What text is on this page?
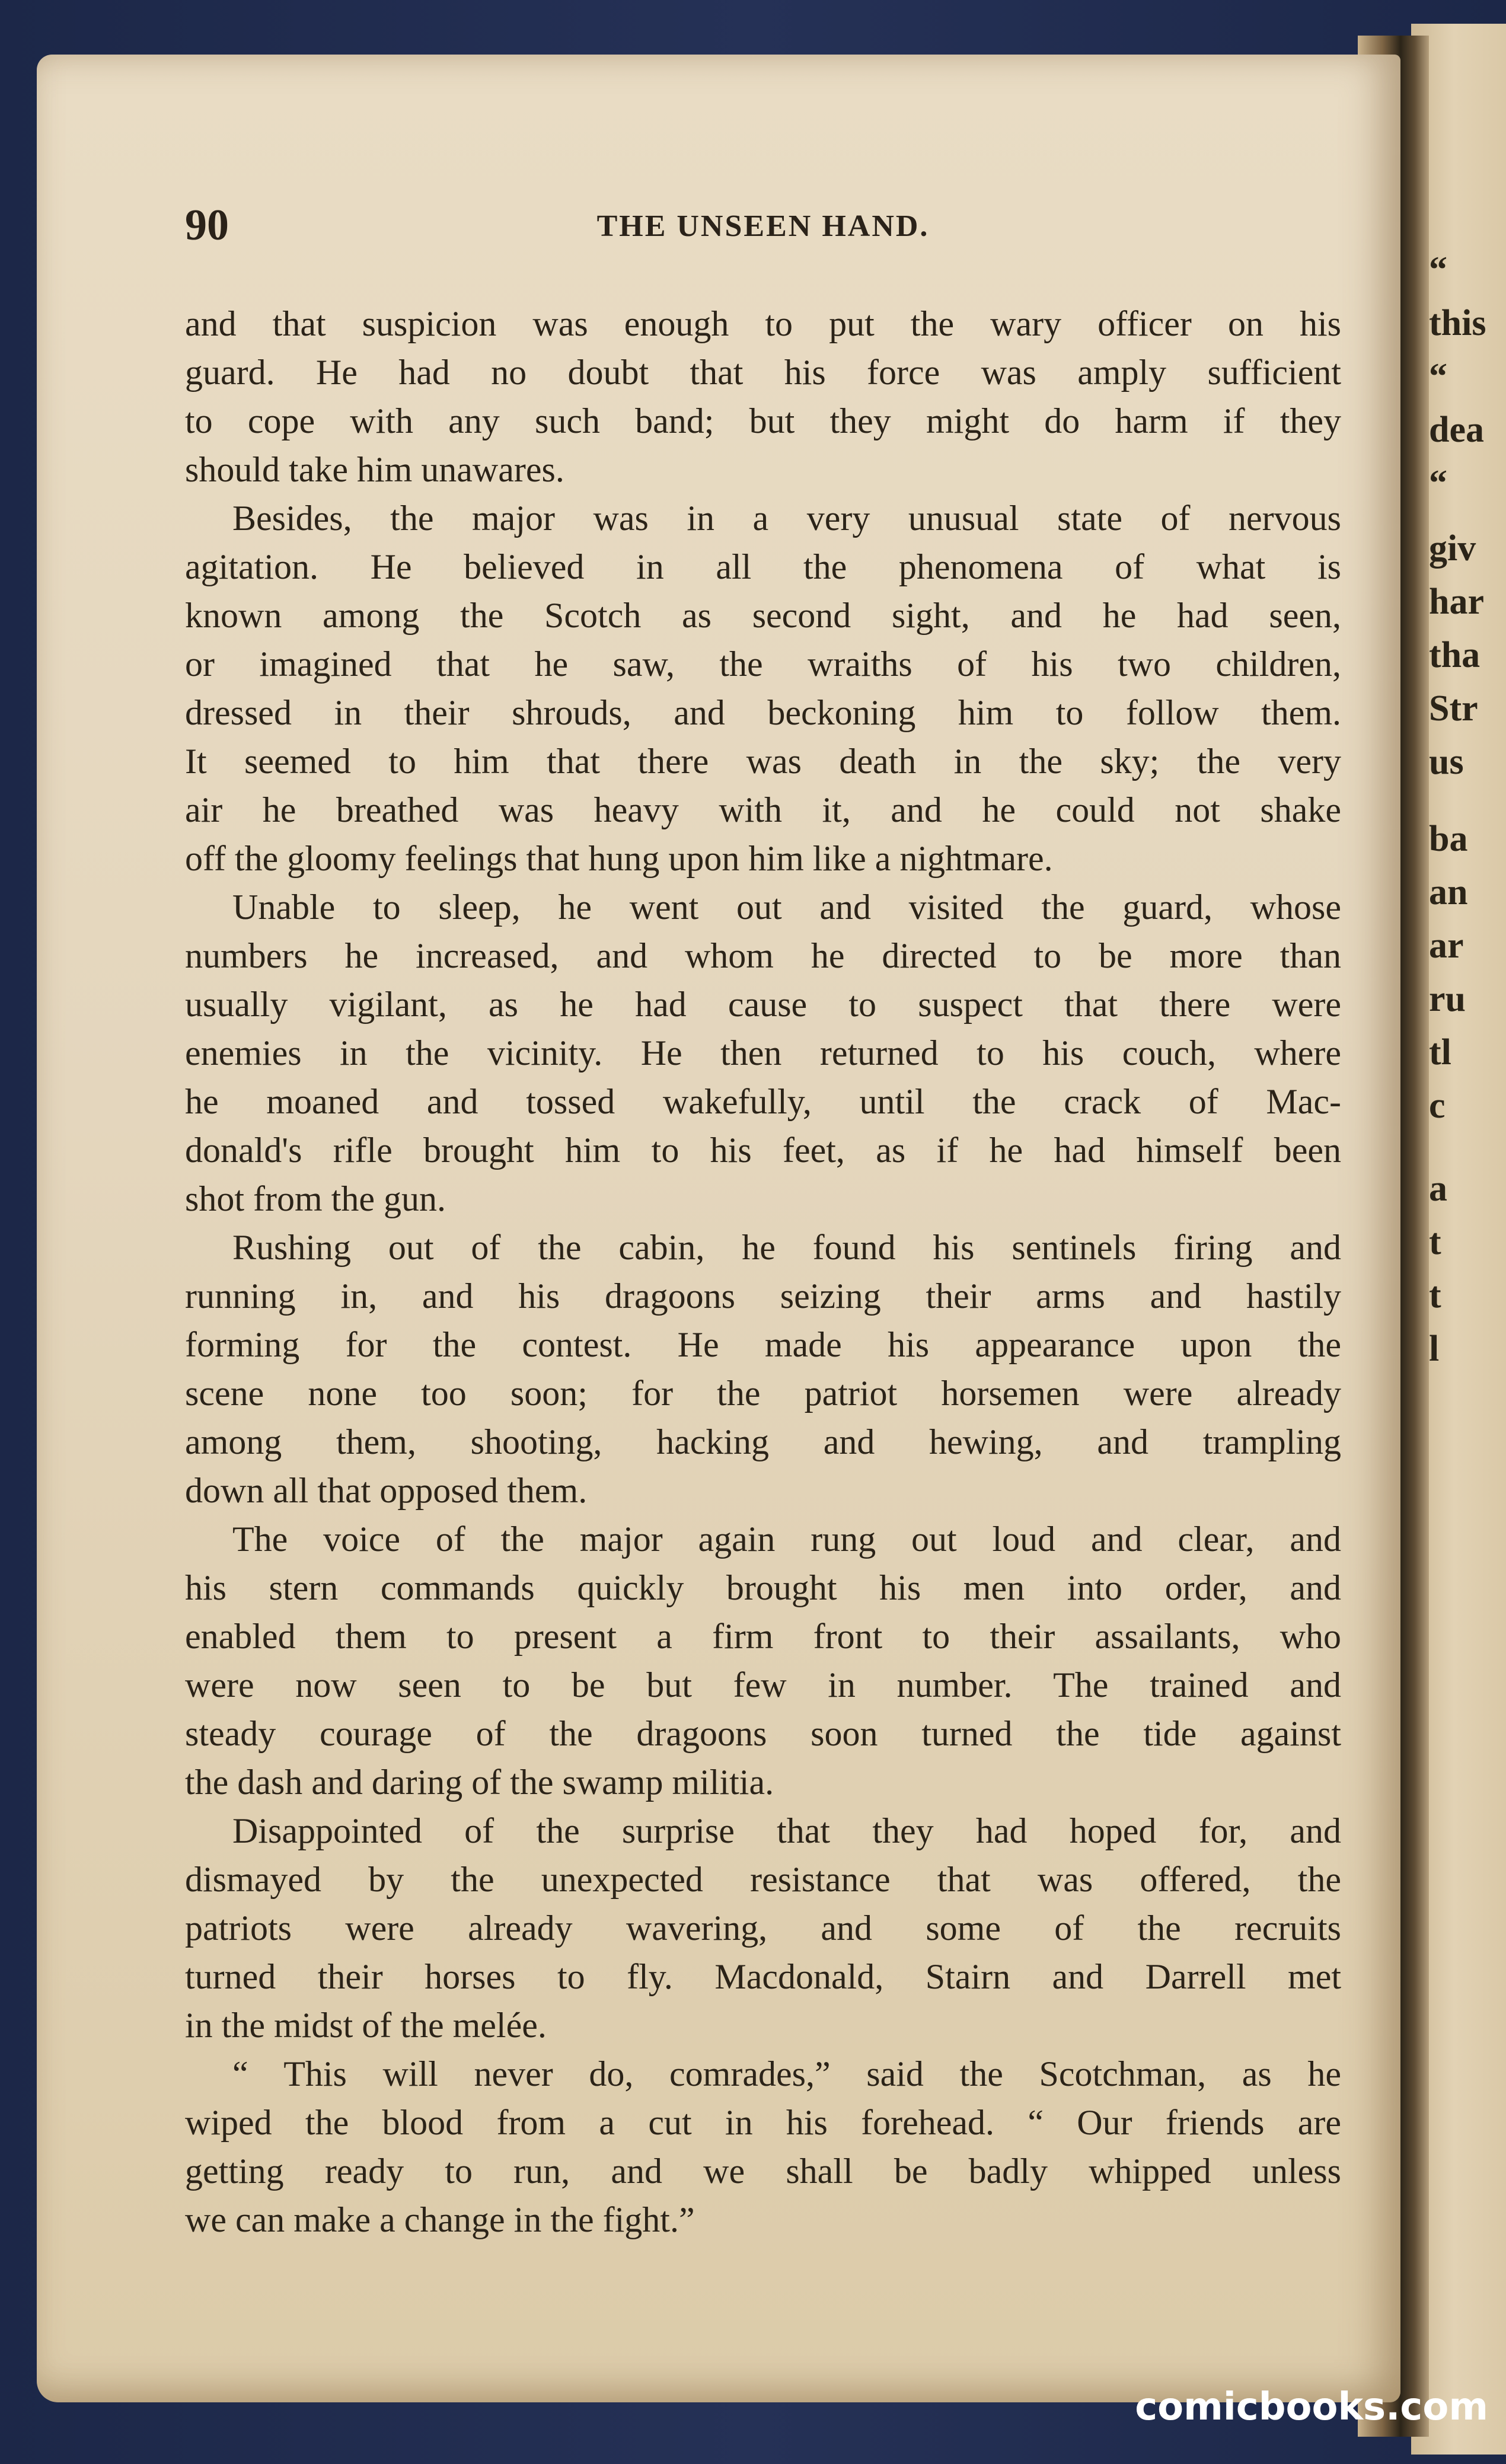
“
this
“
dea
“
giv
har
tha
Str
us
ba
an
ar
ru
tl
c
a
t
t
l
90	THE UNSEEN HAND.
and that suspicion was enough to put the wary officer on his
guard. He had no doubt that his force was amply sufficient
to cope with any such band; but they might do harm if they
should take him unawares.
Besides, the major was in a very unusual state of nervous
agitation. He believed in all the phenomena of what is
known among the Scotch as second sight, and he had seen,
or imagined that he saw, the wraiths of his two children,
dressed in their shrouds, and beckoning him to follow them.
It seemed to him that there was death in the sky; the very
air he breathed was heavy with it, and he could not shake
off the gloomy feelings that hung upon him like a nightmare.
Unable to sleep, he went out and visited the guard, whose
numbers he increased, and whom he directed to be more than
usually vigilant, as he had cause to suspect that there were
enemies in the vicinity. He then returned to his couch, where
he moaned and tossed wakefully, until the crack of Mac-
donald's rifle brought him to his feet, as if he had himself been
shot from the gun.
Rushing out of the cabin, he found his sentinels firing and
running in, and his dragoons seizing their arms and hastily
forming for the contest. He made his appearance upon the
scene none too soon; for the patriot horsemen were already
among them, shooting, hacking and hewing, and trampling
down all that opposed them.
The voice of the major again rung out loud and clear, and
his stern commands quickly brought his men into order, and
enabled them to present a firm front to their assailants, who
were now seen to be but few in number. The trained and
steady courage of the dragoons soon turned the tide against
the dash and daring of the swamp militia.
Disappointed of the surprise that they had hoped for, and
dismayed by the unexpected resistance that was offered, the
patriots were already wavering, and some of the recruits
turned their horses to fly. Macdonald, Stairn and Darrell met
in the midst of the melée.
“ This will never do, comrades,” said the Scotchman, as he
wiped the blood from a cut in his forehead. “ Our friends are
getting ready to run, and we shall be badly whipped unless
we can make a change in the fight.”
comicbooks.com
